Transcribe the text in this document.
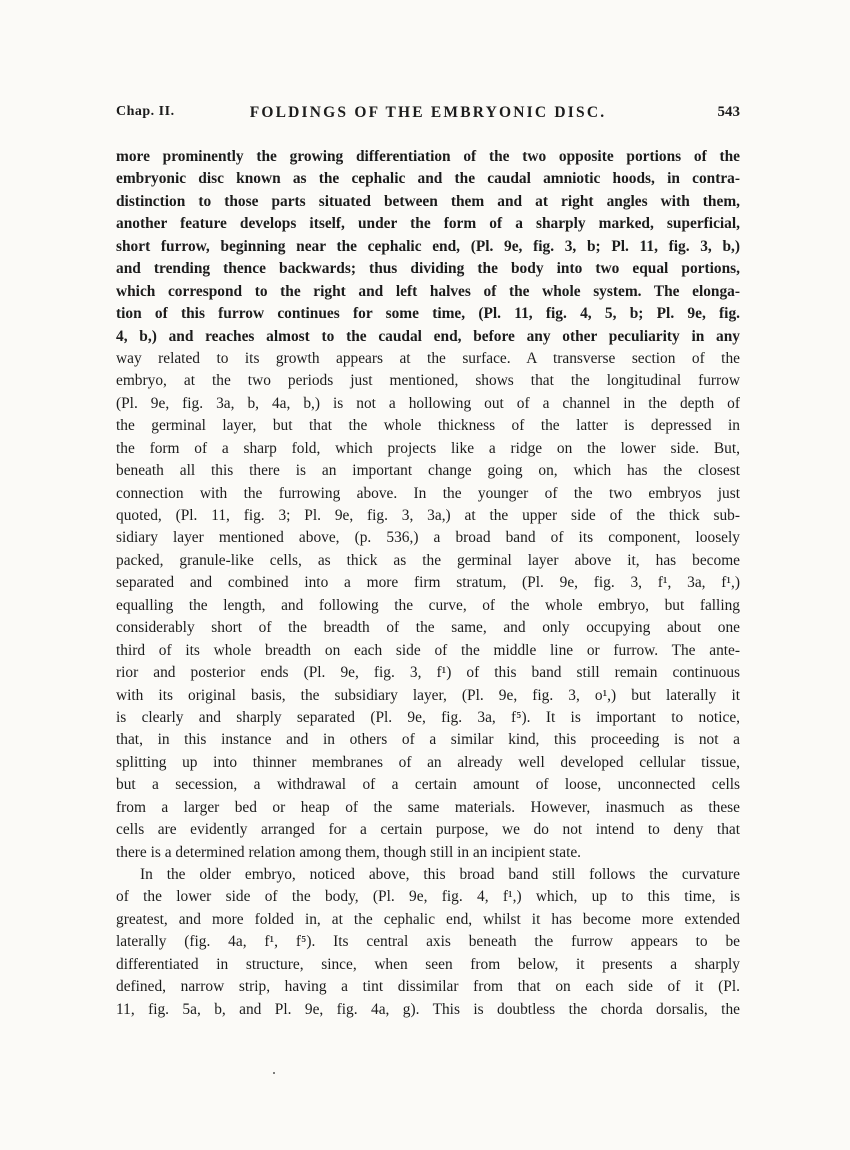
Chap. II.	FOLDINGS OF THE EMBRYONIC DISC.	543
more prominently the growing differentiation of the two opposite portions of the
embryonic disc known as the cephalic and the caudal amniotic hoods, in contra-
distinction to those parts situated between them and at right angles with them,
another feature develops itself, under the form of a sharply marked, superficial,
short furrow, beginning near the cephalic end, (Pl. 9e, fig. 3, b; Pl. 11, fig. 3, b,)
and trending thence backwards; thus dividing the body into two equal portions,
which correspond to the right and left halves of the whole system. The elonga-
tion of this furrow continues for some time, (Pl. 11, fig. 4, 5, b; Pl. 9e, fig.
4, b,) and reaches almost to the caudal end, before any other peculiarity in any
way related to its growth appears at the surface. A transverse section of the
embryo, at the two periods just mentioned, shows that the longitudinal furrow
(Pl. 9e, fig. 3a, b, 4a, b,) is not a hollowing out of a channel in the depth of
the germinal layer, but that the whole thickness of the latter is depressed in
the form of a sharp fold, which projects like a ridge on the lower side. But,
beneath all this there is an important change going on, which has the closest
connection with the furrowing above. In the younger of the two embryos just
quoted, (Pl. 11, fig. 3; Pl. 9e, fig. 3, 3a,) at the upper side of the thick sub-
sidiary layer mentioned above, (p. 536,) a broad band of its component, loosely
packed, granule-like cells, as thick as the germinal layer above it, has become
separated and combined into a more firm stratum, (Pl. 9e, fig. 3, f¹, 3a, f¹,)
equalling the length, and following the curve, of the whole embryo, but falling
considerably short of the breadth of the same, and only occupying about one
third of its whole breadth on each side of the middle line or furrow. The ante-
rior and posterior ends (Pl. 9e, fig. 3, f¹) of this band still remain continuous
with its original basis, the subsidiary layer, (Pl. 9e, fig. 3, o¹,) but laterally it
is clearly and sharply separated (Pl. 9e, fig. 3a, f⁵). It is important to notice,
that, in this instance and in others of a similar kind, this proceeding is not a
splitting up into thinner membranes of an already well developed cellular tissue,
but a secession, a withdrawal of a certain amount of loose, unconnected cells
from a larger bed or heap of the same materials. However, inasmuch as these
cells are evidently arranged for a certain purpose, we do not intend to deny that
there is a determined relation among them, though still in an incipient state.
In the older embryo, noticed above, this broad band still follows the curvature
of the lower side of the body, (Pl. 9e, fig. 4, f¹,) which, up to this time, is
greatest, and more folded in, at the cephalic end, whilst it has become more extended
laterally (fig. 4a, f¹, f⁵). Its central axis beneath the furrow appears to be
differentiated in structure, since, when seen from below, it presents a sharply
defined, narrow strip, having a tint dissimilar from that on each side of it (Pl.
11, fig. 5a, b, and Pl. 9e, fig. 4a, g). This is doubtless the chorda dorsalis, the
